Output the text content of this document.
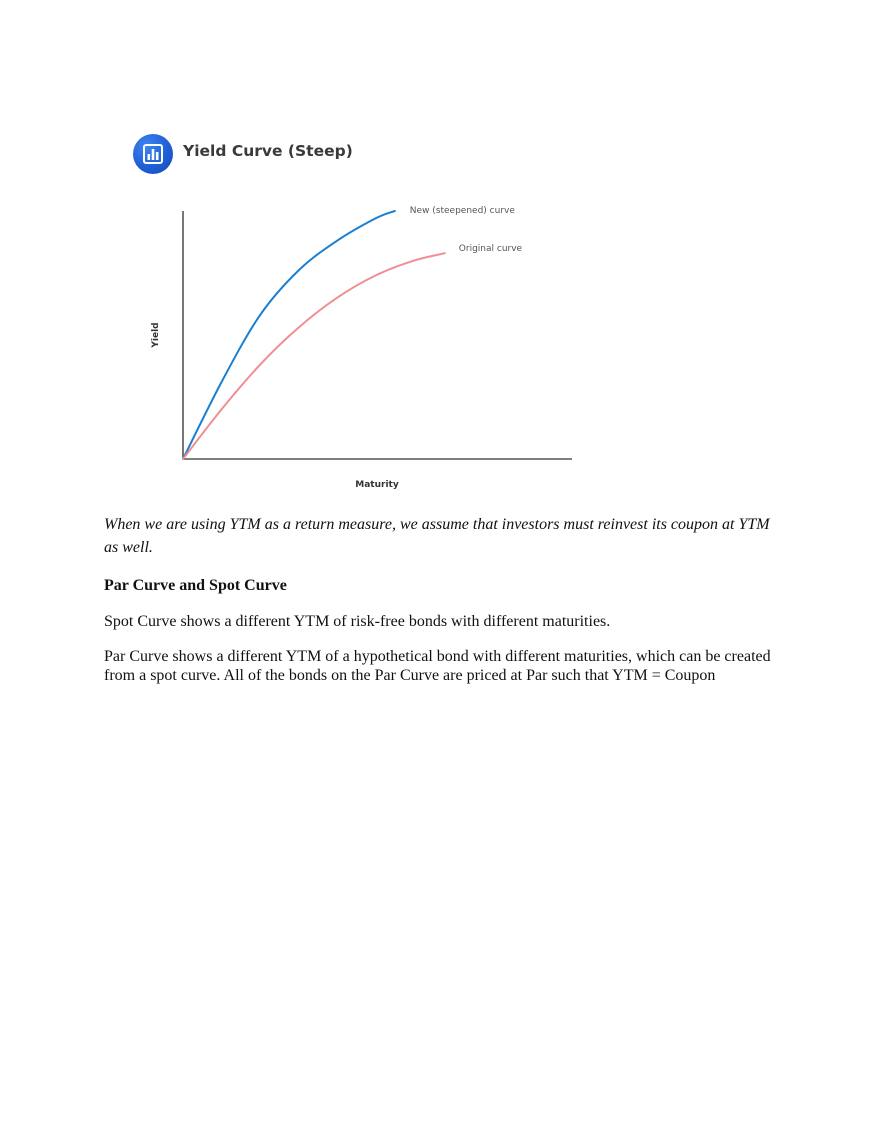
Yield Curve (Steep)
Yield
Maturity
New (steepened) curve
Original curve
When we are using YTM as a return measure, we assume that investors must reinvest its coupon at YTM as well.
Par Curve and Spot Curve
Spot Curve shows a different YTM of risk-free bonds with different maturities.
Par Curve shows a different YTM of a hypothetical bond with different maturities, which can be created from a spot curve. All of the bonds on the Par Curve are priced at Par such that YTM = Coupon
